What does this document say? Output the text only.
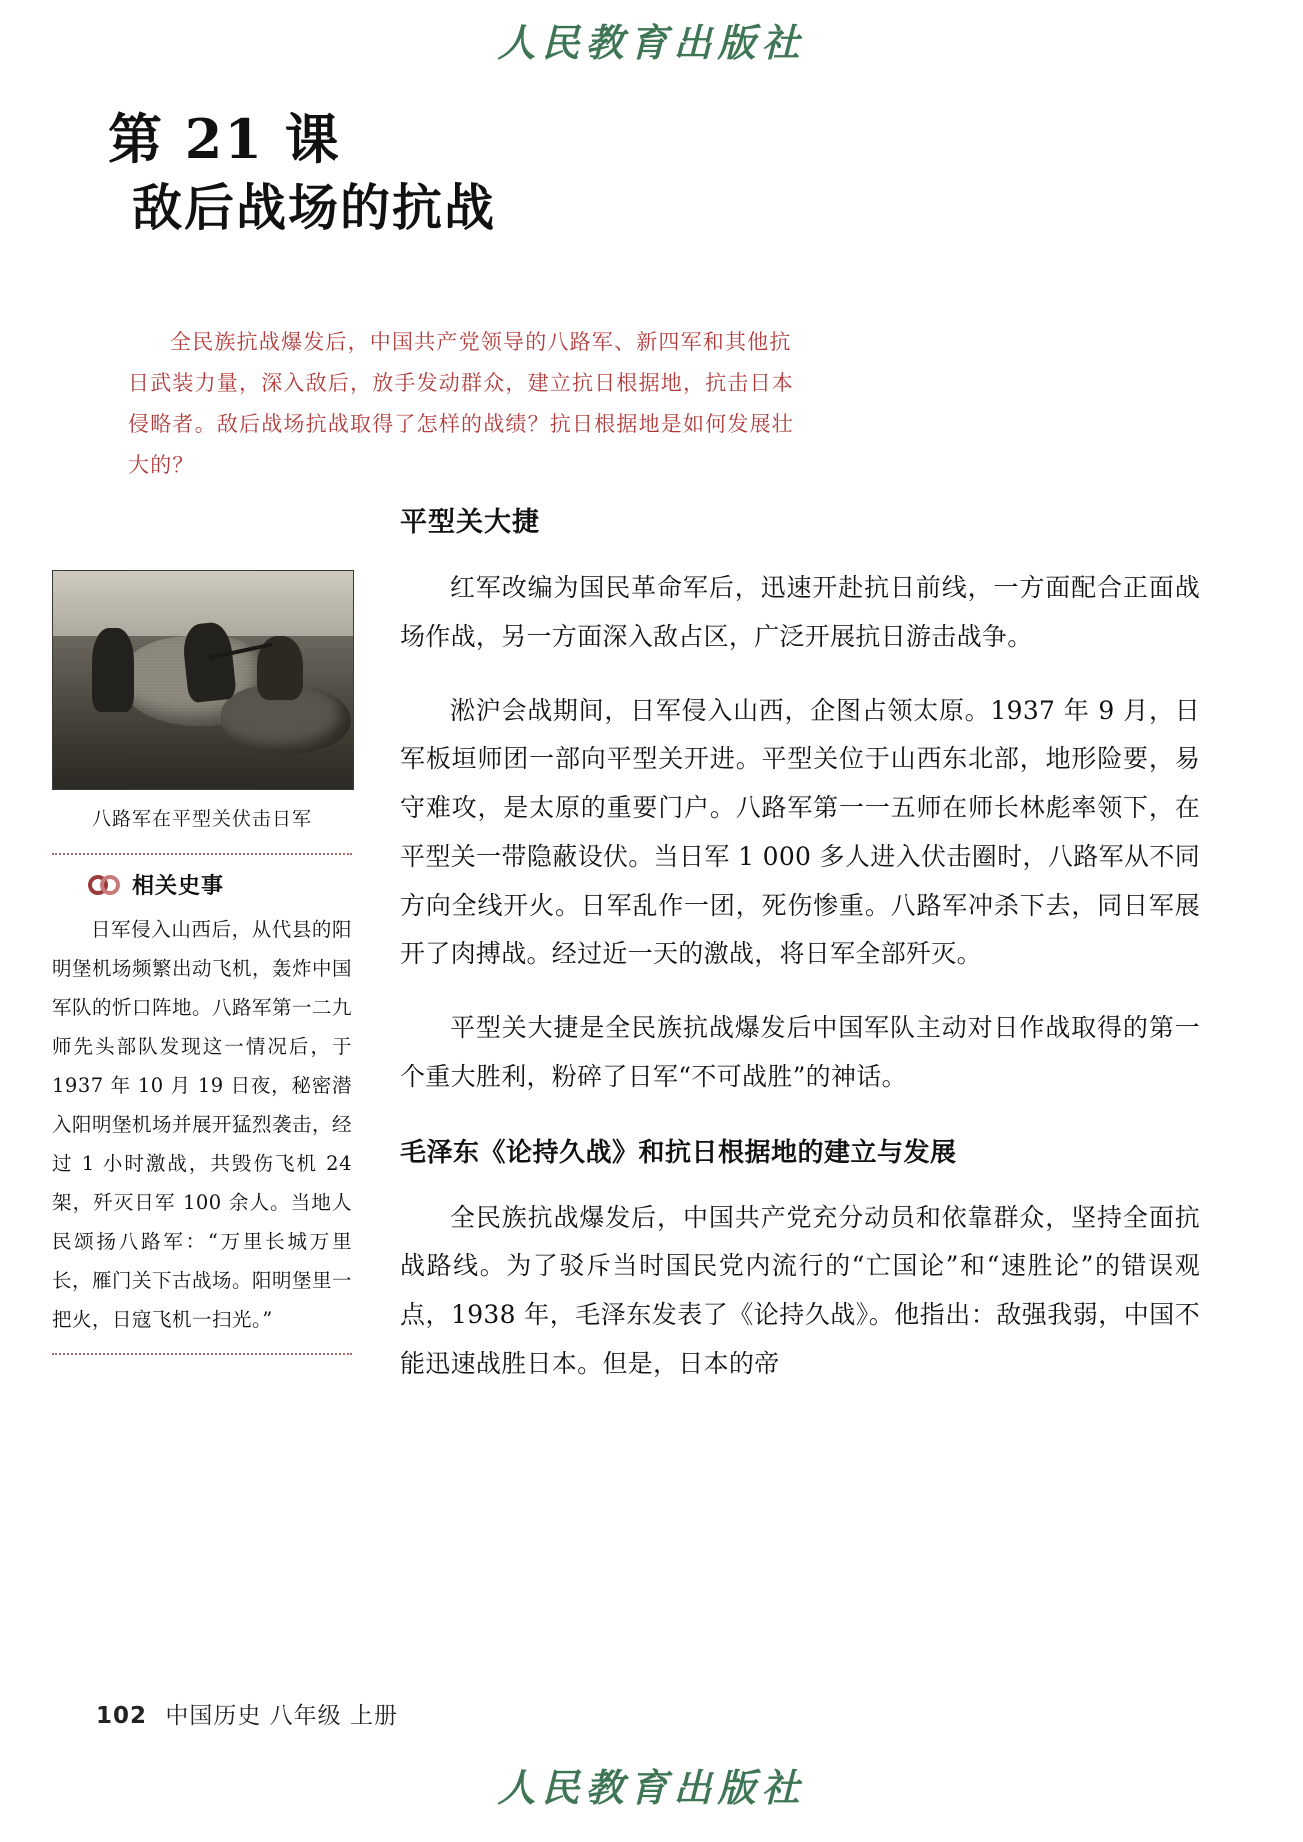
人民教育出版社
第 21 课
敌后战场的抗战
全民族抗战爆发后，中国共产党领导的八路军、新四军和其他抗日武装力量，深入敌后，放手发动群众，建立抗日根据地，抗击日本侵略者。敌后战场抗战取得了怎样的战绩？抗日根据地是如何发展壮大的？
八路军在平型关伏击日军
相关史事
日军侵入山西后，从代县的阳明堡机场频繁出动飞机，轰炸中国军队的忻口阵地。八路军第一二九师先头部队发现这一情况后，于1937 年 10 月 19 日夜，秘密潜入阳明堡机场并展开猛烈袭击，经过 1 小时激战，共毁伤飞机 24 架，歼灭日军 100 余人。当地人民颂扬八路军：“万里长城万里长，雁门关下古战场。阳明堡里一把火，日寇飞机一扫光。”
平型关大捷

红军改编为国民革命军后，迅速开赴抗日前线，一方面配合正面战场作战，另一方面深入敌占区，广泛开展抗日游击战争。

淞沪会战期间，日军侵入山西，企图占领太原。1937 年 9 月，日军板垣师团一部向平型关开进。平型关位于山西东北部，地形险要，易守难攻，是太原的重要门户。八路军第一一五师在师长林彪率领下，在平型关一带隐蔽设伏。当日军 1 000 多人进入伏击圈时，八路军从不同方向全线开火。日军乱作一团，死伤惨重。八路军冲杀下去，同日军展开了肉搏战。经过近一天的激战，将日军全部歼灭。

平型关大捷是全民族抗战爆发后中国军队主动对日作战取得的第一个重大胜利，粉碎了日军“不可战胜”的神话。

毛泽东《论持久战》和抗日根据地的建立与发展

全民族抗战爆发后，中国共产党充分动员和依靠群众，坚持全面抗战路线。为了驳斥当时国民党内流行的“亡国论”和“速胜论”的错误观点，1938 年，毛泽东发表了《论持久战》。他指出：敌强我弱，中国不能迅速战胜日本。但是，日本的帝

102 中国历史 八年级 上册
人民教育出版社
